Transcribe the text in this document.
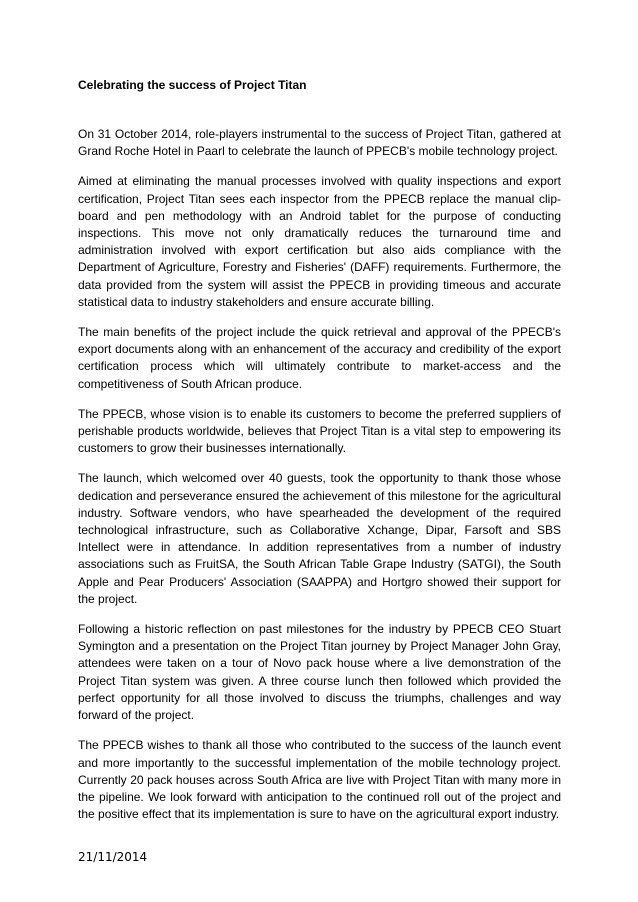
Celebrating the success of Project Titan

On 31 October 2014, role-players instrumental to the success of Project Titan, gathered at Grand Roche Hotel in Paarl to celebrate the launch of PPECB's mobile technology project.

Aimed at eliminating the manual processes involved with quality inspections and export certification, Project Titan sees each inspector from the PPECB replace the manual clip-board and pen methodology with an Android tablet for the purpose of conducting inspections. This move not only dramatically reduces the turnaround time and administration involved with export certification but also aids compliance with the Department of Agriculture, Forestry and Fisheries' (DAFF) requirements. Furthermore, the data provided from the system will assist the PPECB in providing timeous and accurate statistical data to industry stakeholders and ensure accurate billing.

The main benefits of the project include the quick retrieval and approval of the PPECB's export documents along with an enhancement of the accuracy and credibility of the export certification process which will ultimately contribute to market-access and the competitiveness of South African produce.

The PPECB, whose vision is to enable its customers to become the preferred suppliers of perishable products worldwide, believes that Project Titan is a vital step to empowering its customers to grow their businesses internationally.

The launch, which welcomed over 40 guests, took the opportunity to thank those whose dedication and perseverance ensured the achievement of this milestone for the agricultural industry. Software vendors, who have spearheaded the development of the required technological infrastructure, such as Collaborative Xchange, Dipar, Farsoft and SBS Intellect were in attendance. In addition representatives from a number of industry associations such as FruitSA, the South African Table Grape Industry (SATGI), the South Apple and Pear Producers' Association (SAAPPA) and Hortgro showed their support for the project.

Following a historic reflection on past milestones for the industry by PPECB CEO Stuart Symington and a presentation on the Project Titan journey by Project Manager John Gray, attendees were taken on a tour of Novo pack house where a live demonstration of the Project Titan system was given. A three course lunch then followed which provided the perfect opportunity for all those involved to discuss the triumphs, challenges and way forward of the project.

The PPECB wishes to thank all those who contributed to the success of the launch event and more importantly to the successful implementation of the mobile technology project. Currently 20 pack houses across South Africa are live with Project Titan with many more in the pipeline. We look forward with anticipation to the continued roll out of the project and the positive effect that its implementation is sure to have on the agricultural export industry.

21/11/2014
